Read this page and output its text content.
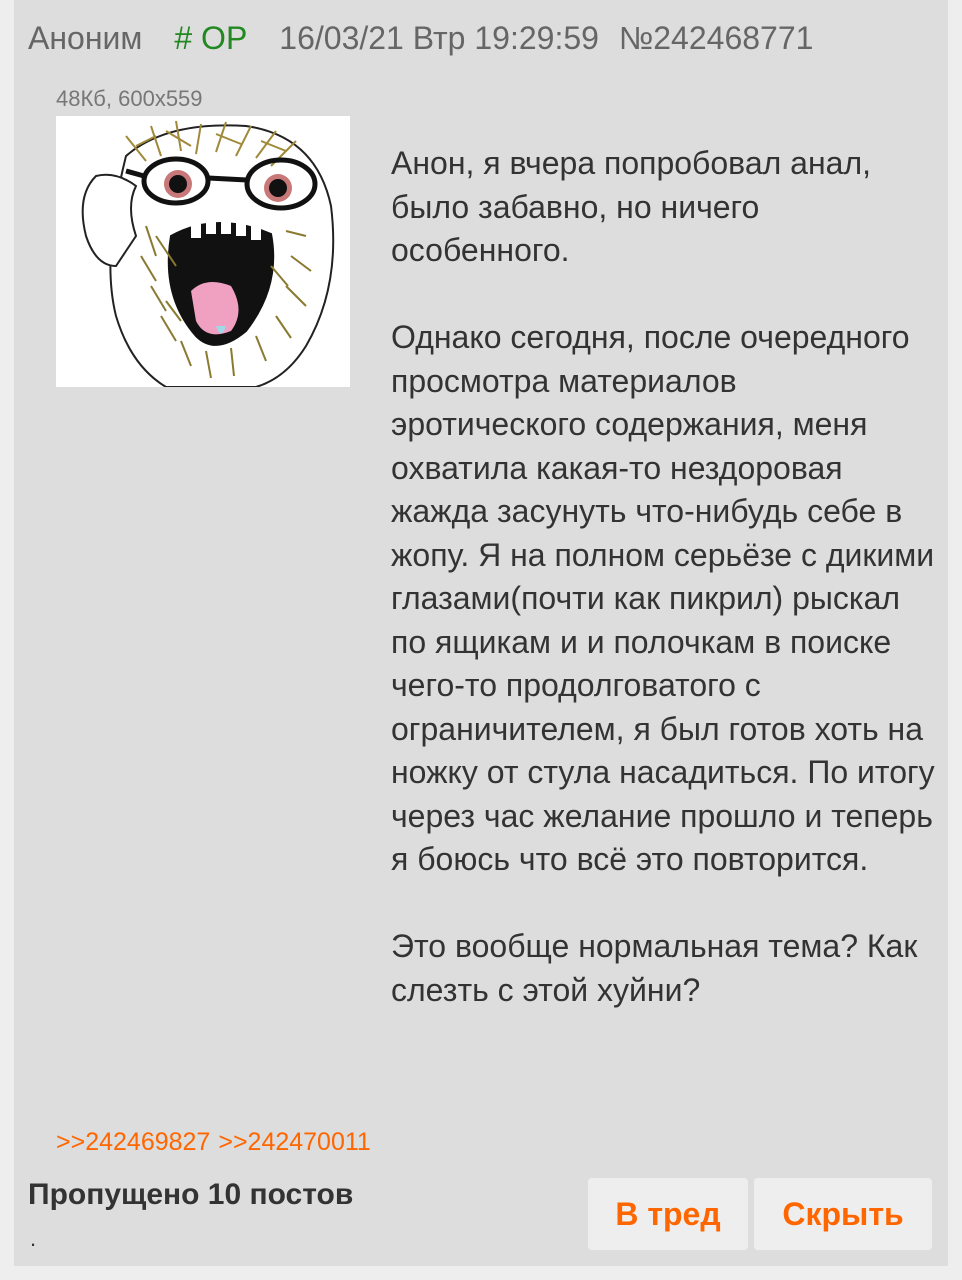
Аноним # OP 16/03/21 Втр 19:29:59 №242468771
48Кб, 600x559
Анон, я вчера попробовал анал, было забавно, но ничего особенного.

Однако сегодня, после очередного просмотра материалов эротического содержания, меня охватила какая-то нездоровая жажда засунуть что-нибудь себе в жопу. Я на полном серьёзе с дикими глазами(почти как пикрил) рыскал по ящикам и и полочкам в поиске чего-то продолговатого с ограничителем, я был готов хоть на ножку от стула насадиться. По итогу через час желание прошло и теперь я боюсь что всё это повторится.

Это вообще нормальная тема? Как слезть с этой хуйни?
>>242469827 >>242470011
Пропущено 10 постов
.
В тред	Скрыть
